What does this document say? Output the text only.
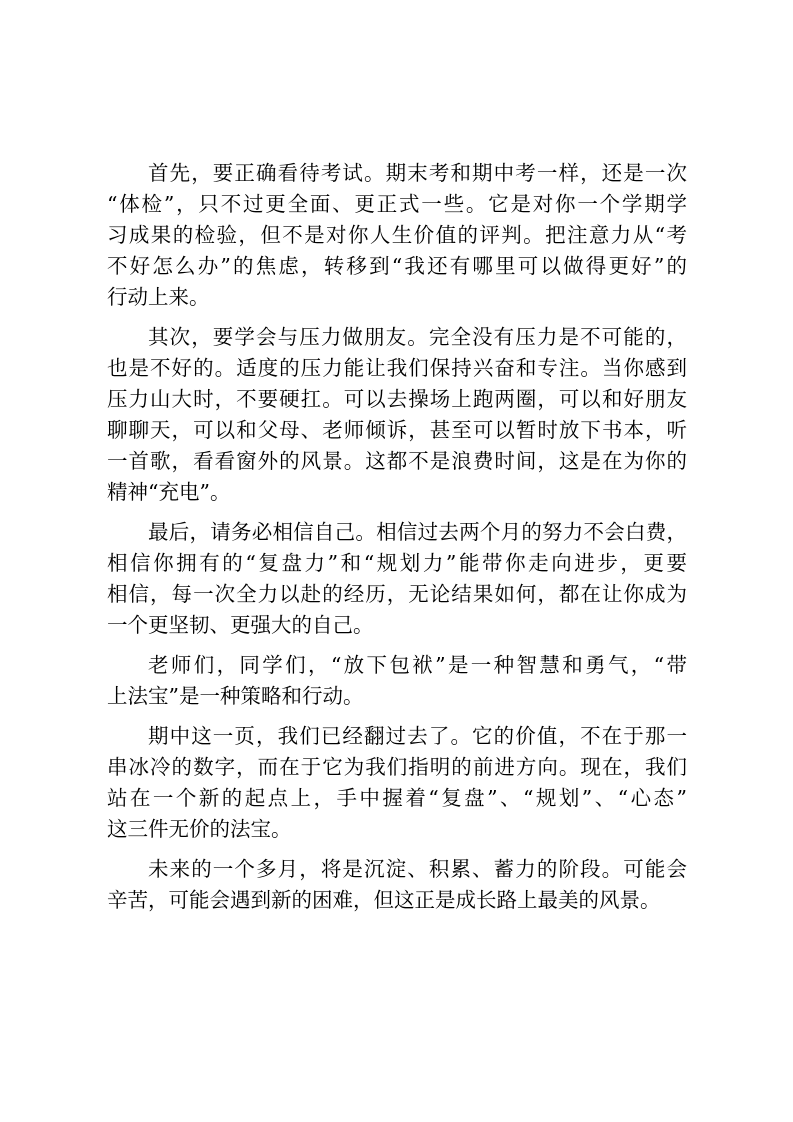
首先，要正确看待考试。期末考和期中考一样，还是一次
“体检”，只不过更全面、更正式一些。它是对你一个学期学
习成果的检验，但不是对你人生价值的评判。把注意力从“考
不好怎么办”的焦虑，转移到“我还有哪里可以做得更好”的
行动上来。
其次，要学会与压力做朋友。完全没有压力是不可能的，
也是不好的。适度的压力能让我们保持兴奋和专注。当你感到
压力山大时，不要硬扛。可以去操场上跑两圈，可以和好朋友
聊聊天，可以和父母、老师倾诉，甚至可以暂时放下书本，听
一首歌，看看窗外的风景。这都不是浪费时间，这是在为你的
精神“充电”。
最后，请务必相信自己。相信过去两个月的努力不会白费，
相信你拥有的“复盘力”和“规划力”能带你走向进步，更要
相信，每一次全力以赴的经历，无论结果如何，都在让你成为
一个更坚韧、更强大的自己。
老师们，同学们，“放下包袱”是一种智慧和勇气，“带
上法宝”是一种策略和行动。
期中这一页，我们已经翻过去了。它的价值，不在于那一
串冰冷的数字，而在于它为我们指明的前进方向。现在，我们
站在一个新的起点上，手中握着“复盘”、“规划”、“心态”
这三件无价的法宝。
未来的一个多月，将是沉淀、积累、蓄力的阶段。可能会
辛苦，可能会遇到新的困难，但这正是成长路上最美的风景。
